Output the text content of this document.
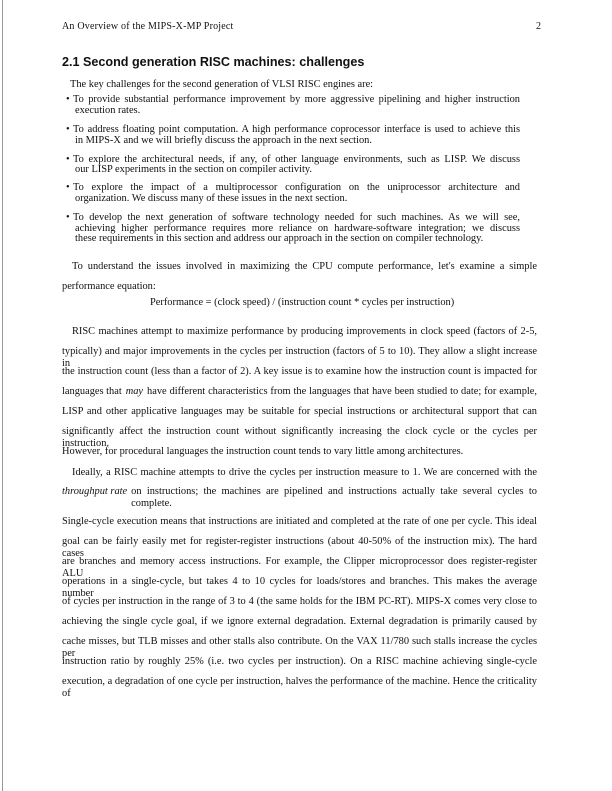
An Overview of the MIPS-X-MP Project	2
2.1 Second generation RISC machines: challenges
The key challenges for the second generation of VLSI RISC engines are:
• To provide substantial performance improvement by more aggressive pipelining and higher instruction
execution rates.
• To address floating point computation. A high performance coprocessor interface is used to achieve this
in MIPS-X and we will briefly discuss the approach in the next section.
• To explore the architectural needs, if any, of other language environments, such as LISP. We discuss
our LISP experiments in the section on compiler activity.
• To explore the impact of a multiprocessor configuration on the uniprocessor architecture and
organization. We discuss many of these issues in the next section.
• To develop the next generation of software technology needed for such machines. As we will see,
achieving higher performance requires more reliance on hardware-software integration; we discuss
these requirements in this section and address our approach in the section on compiler technology.
To understand the issues involved in maximizing the CPU compute performance, let's examine a simple
performance equation:
Performance = (clock speed) / (instruction count * cycles per instruction)
RISC machines attempt to maximize performance by producing improvements in clock speed (factors of 2-5,
typically) and major improvements in the cycles per instruction (factors of 5 to 10). They allow a slight increase in
the instruction count (less than a factor of 2). A key issue is to examine how the instruction count is impacted for
languages that may have different characteristics from the languages that have been studied to date; for example,
LISP and other applicative languages may be suitable for special instructions or architectural support that can
significantly affect the instruction count without significantly increasing the clock cycle or the cycles per instruction.
However, for procedural languages the instruction count tends to vary little among architectures.
Ideally, a RISC machine attempts to drive the cycles per instruction measure to 1. We are concerned with the
throughput rate on instructions; the machines are pipelined and instructions actually take several cycles to complete.
Single-cycle execution means that instructions are initiated and completed at the rate of one per cycle. This ideal
goal can be fairly easily met for register-register instructions (about 40-50% of the instruction mix). The hard cases
are branches and memory access instructions. For example, the Clipper microprocessor does register-register ALU
operations in a single-cycle, but takes 4 to 10 cycles for loads/stores and branches. This makes the average number
of cycles per instruction in the range of 3 to 4 (the same holds for the IBM PC-RT). MIPS-X comes very close to
achieving the single cycle goal, if we ignore external degradation. External degradation is primarily caused by
cache misses, but TLB misses and other stalls also contribute. On the VAX 11/780 such stalls increase the cycles per
instruction ratio by roughly 25% (i.e. two cycles per instruction). On a RISC machine achieving single-cycle
execution, a degradation of one cycle per instruction, halves the performance of the machine. Hence the criticality of
